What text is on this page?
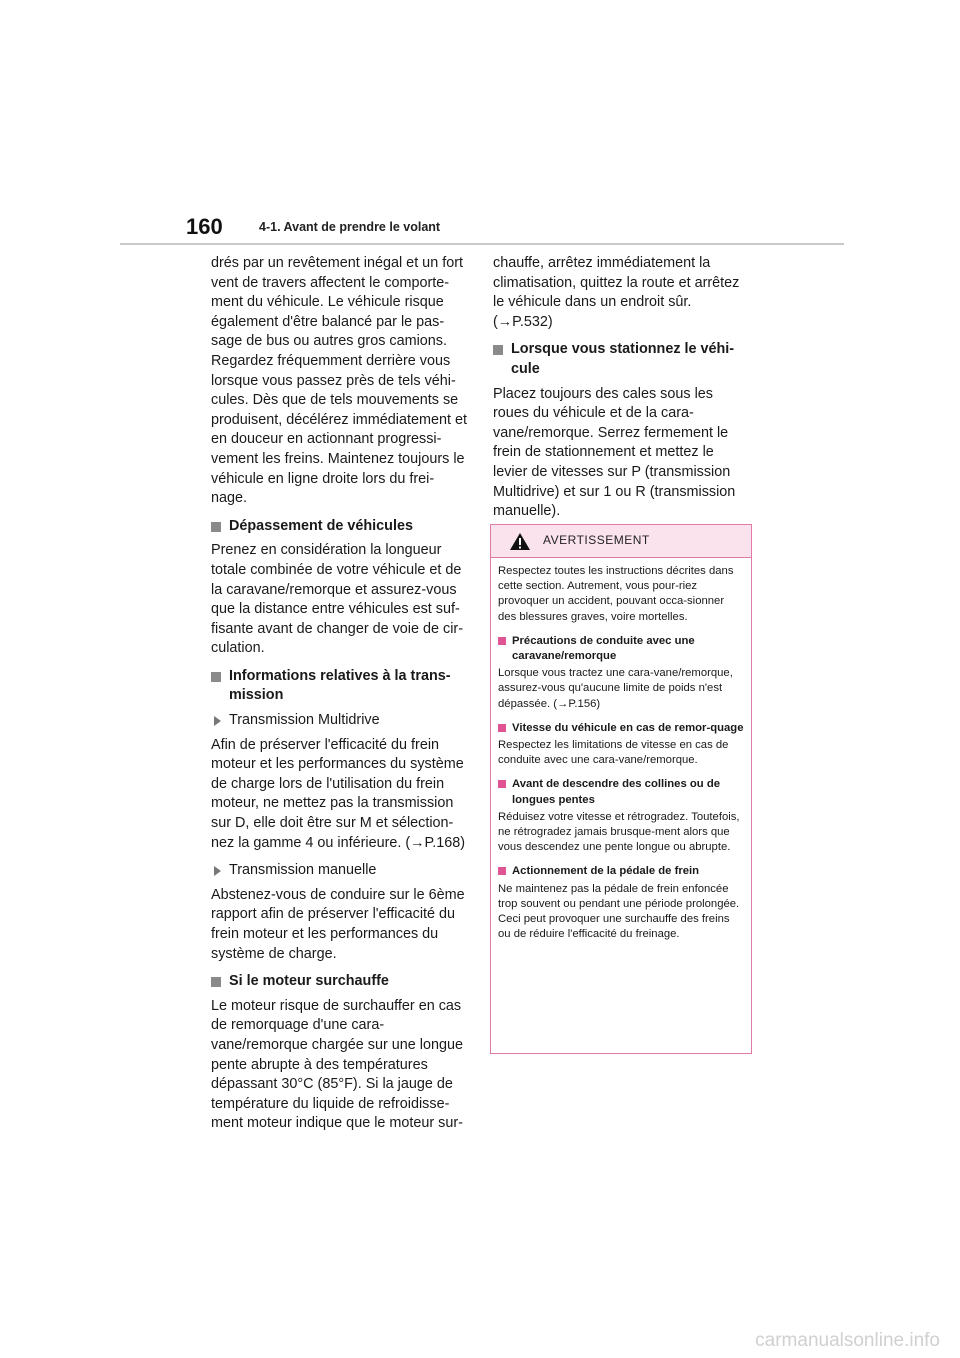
160	4-1. Avant de prendre le volant

drés par un revêtement inégal et un fort vent de travers affectent le comporte-ment du véhicule. Le véhicule risque également d'être balancé par le pas-sage de bus ou autres gros camions. Regardez fréquemment derrière vous lorsque vous passez près de tels véhi-cules. Dès que de tels mouvements se produisent, décélérez immédiatement et en douceur en actionnant progressi-vement les freins. Maintenez toujours le véhicule en ligne droite lors du frei-nage.

Dépassement de véhicules

Prenez en considération la longueur totale combinée de votre véhicule et de la caravane/remorque et assurez-vous que la distance entre véhicules est suf-fisante avant de changer de voie de cir-culation.

Informations relatives à la trans-mission
Transmission Multidrive

Afin de préserver l'efficacité du frein moteur et les performances du système de charge lors de l'utilisation du frein moteur, ne mettez pas la transmission sur D, elle doit être sur M et sélection-nez la gamme 4 ou inférieure. (→P.168)

Transmission manuelle

Abstenez-vous de conduire sur le 6ème rapport afin de préserver l'efficacité du frein moteur et les performances du système de charge.

Si le moteur surchauffe

Le moteur risque de surchauffer en cas de remorquage d'une cara-vane/remorque chargée sur une longue pente abrupte à des températures dépassant 30°C (85°F). Si la jauge de température du liquide de refroidisse-ment moteur indique que le moteur sur-

chauffe, arrêtez immédiatement la climatisation, quittez la route et arrêtez le véhicule dans un endroit sûr. (→P.532)

Lorsque vous stationnez le véhi-cule

Placez toujours des cales sous les roues du véhicule et de la cara-vane/remorque. Serrez fermement le frein de stationnement et mettez le levier de vitesses sur P (transmission Multidrive) et sur 1 ou R (transmission manuelle).

AVERTISSEMENT

Respectez toutes les instructions décrites dans cette section. Autrement, vous pour-riez provoquer un accident, pouvant occa-sionner des blessures graves, voire mortelles.

Précautions de conduite avec une caravane/remorque

Lorsque vous tractez une cara-vane/remorque, assurez-vous qu'aucune limite de poids n'est dépassée. (→P.156)

Vitesse du véhicule en cas de remor-quage

Respectez les limitations de vitesse en cas de conduite avec une cara-vane/remorque.

Avant de descendre des collines ou de longues pentes

Réduisez votre vitesse et rétrogradez. Toutefois, ne rétrogradez jamais brusque-ment alors que vous descendez une pente longue ou abrupte.

Actionnement de la pédale de frein

Ne maintenez pas la pédale de frein enfoncée trop souvent ou pendant une période prolongée. Ceci peut provoquer une surchauffe des freins ou de réduire l'efficacité du freinage.

carmanualsonline.info
